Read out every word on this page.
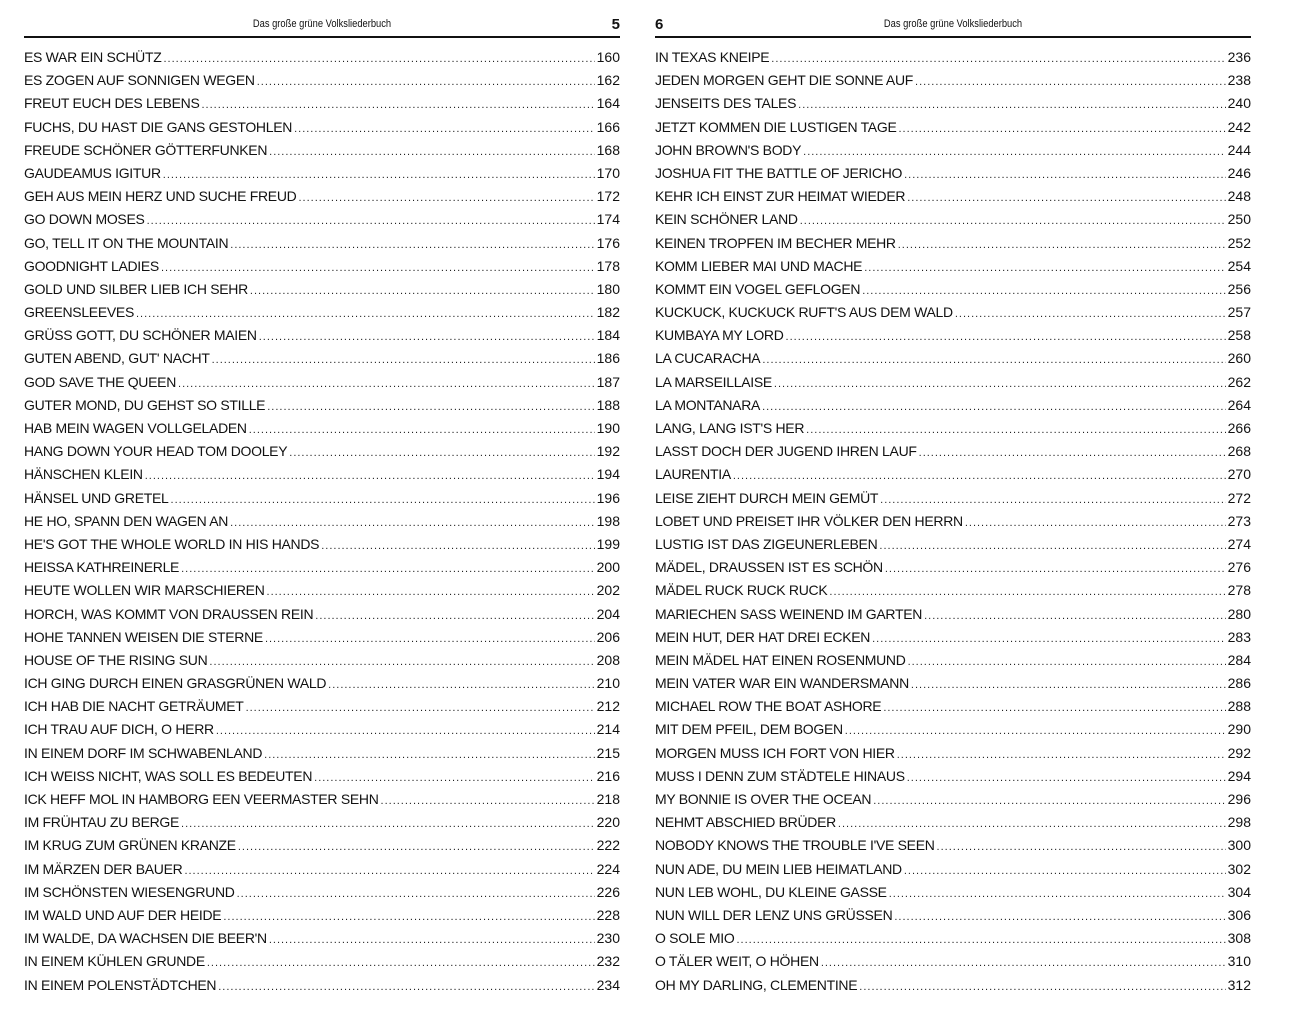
Das große grüne Volksliederbuch	5
ES WAR EIN SCHÜTZ .....	160
ES ZOGEN AUF SONNIGEN WEGEN .....	162
FREUT EUCH DES LEBENS .....	164
FUCHS, DU HAST DIE GANS GESTOHLEN .....	166
FREUDE SCHÖNER GÖTTERFUNKEN .....	168
GAUDEAMUS IGITUR .....	170
GEH AUS MEIN HERZ UND SUCHE FREUD .....	172
GO DOWN MOSES .....	174
GO, TELL IT ON THE MOUNTAIN .....	176
GOODNIGHT LADIES .....	178
GOLD UND SILBER LIEB ICH SEHR .....	180
GREENSLEEVES .....	182
GRÜSS GOTT, DU SCHÖNER MAIEN .....	184
GUTEN ABEND, GUT' NACHT .....	186
GOD SAVE THE QUEEN .....	187
GUTER MOND, DU GEHST SO STILLE .....	188
HAB MEIN WAGEN VOLLGELADEN .....	190
HANG DOWN YOUR HEAD TOM DOOLEY .....	192
HÄNSCHEN KLEIN .....	194
HÄNSEL UND GRETEL .....	196
HE HO, SPANN DEN WAGEN AN .....	198
HE'S GOT THE WHOLE WORLD IN HIS HANDS .....	199
HEISSA KATHREINERLE .....	200
HEUTE WOLLEN WIR MARSCHIEREN .....	202
HORCH, WAS KOMMT VON DRAUSSEN REIN .....	204
HOHE TANNEN WEISEN DIE STERNE .....	206
HOUSE OF THE RISING SUN .....	208
ICH GING DURCH EINEN GRASGRÜNEN WALD .....	210
ICH HAB DIE NACHT GETRÄUMET .....	212
ICH TRAU AUF DICH, O HERR .....	214
IN EINEM DORF IM SCHWABENLAND .....	215
ICH WEISS NICHT, WAS SOLL ES BEDEUTEN .....	216
ICK HEFF MOL IN HAMBORG EEN VEERMASTER SEHN .....	218
IM FRÜHTAU ZU BERGE .....	220
IM KRUG ZUM GRÜNEN KRANZE .....	222
IM MÄRZEN DER BAUER .....	224
IM SCHÖNSTEN WIESENGRUND .....	226
IM WALD UND AUF DER HEIDE .....	228
IM WALDE, DA WACHSEN DIE BEER'N .....	230
IN EINEM KÜHLEN GRUNDE .....	232
IN EINEM POLENSTÄDTCHEN .....	234
6	Das große grüne Volksliederbuch
IN TEXAS KNEIPE .....	236
JEDEN MORGEN GEHT DIE SONNE AUF .....	238
JENSEITS DES TALES .....	240
JETZT KOMMEN DIE LUSTIGEN TAGE .....	242
JOHN BROWN'S BODY .....	244
JOSHUA FIT THE BATTLE OF JERICHO .....	246
KEHR ICH EINST ZUR HEIMAT WIEDER .....	248
KEIN SCHÖNER LAND .....	250
KEINEN TROPFEN IM BECHER MEHR .....	252
KOMM LIEBER MAI UND MACHE .....	254
KOMMT EIN VOGEL GEFLOGEN .....	256
KUCKUCK, KUCKUCK RUFT'S AUS DEM WALD .....	257
KUMBAYA MY LORD .....	258
LA CUCARACHA .....	260
LA MARSEILLAISE .....	262
LA MONTANARA .....	264
LANG, LANG IST'S HER .....	266
LASST DOCH DER JUGEND IHREN LAUF .....	268
LAURENTIA .....	270
LEISE ZIEHT DURCH MEIN GEMÜT .....	272
LOBET UND PREISET IHR VÖLKER DEN HERRN .....	273
LUSTIG IST DAS ZIGEUNERLEBEN .....	274
MÄDEL, DRAUSSEN IST ES SCHÖN .....	276
MÄDEL RUCK RUCK RUCK .....	278
MARIECHEN SASS WEINEND IM GARTEN .....	280
MEIN HUT, DER HAT DREI ECKEN .....	283
MEIN MÄDEL HAT EINEN ROSENMUND .....	284
MEIN VATER WAR EIN WANDERSMANN .....	286
MICHAEL ROW THE BOAT ASHORE .....	288
MIT DEM PFEIL, DEM BOGEN .....	290
MORGEN MUSS ICH FORT VON HIER .....	292
MUSS I DENN ZUM STÄDTELE HINAUS .....	294
MY BONNIE IS OVER THE OCEAN .....	296
NEHMT ABSCHIED BRÜDER .....	298
NOBODY KNOWS THE TROUBLE I'VE SEEN .....	300
NUN ADE, DU MEIN LIEB HEIMATLAND .....	302
NUN LEB WOHL, DU KLEINE GASSE .....	304
NUN WILL DER LENZ UNS GRÜSSEN .....	306
O SOLE MIO .....	308
O TÄLER WEIT, O HÖHEN .....	310
OH MY DARLING, CLEMENTINE .....	312
